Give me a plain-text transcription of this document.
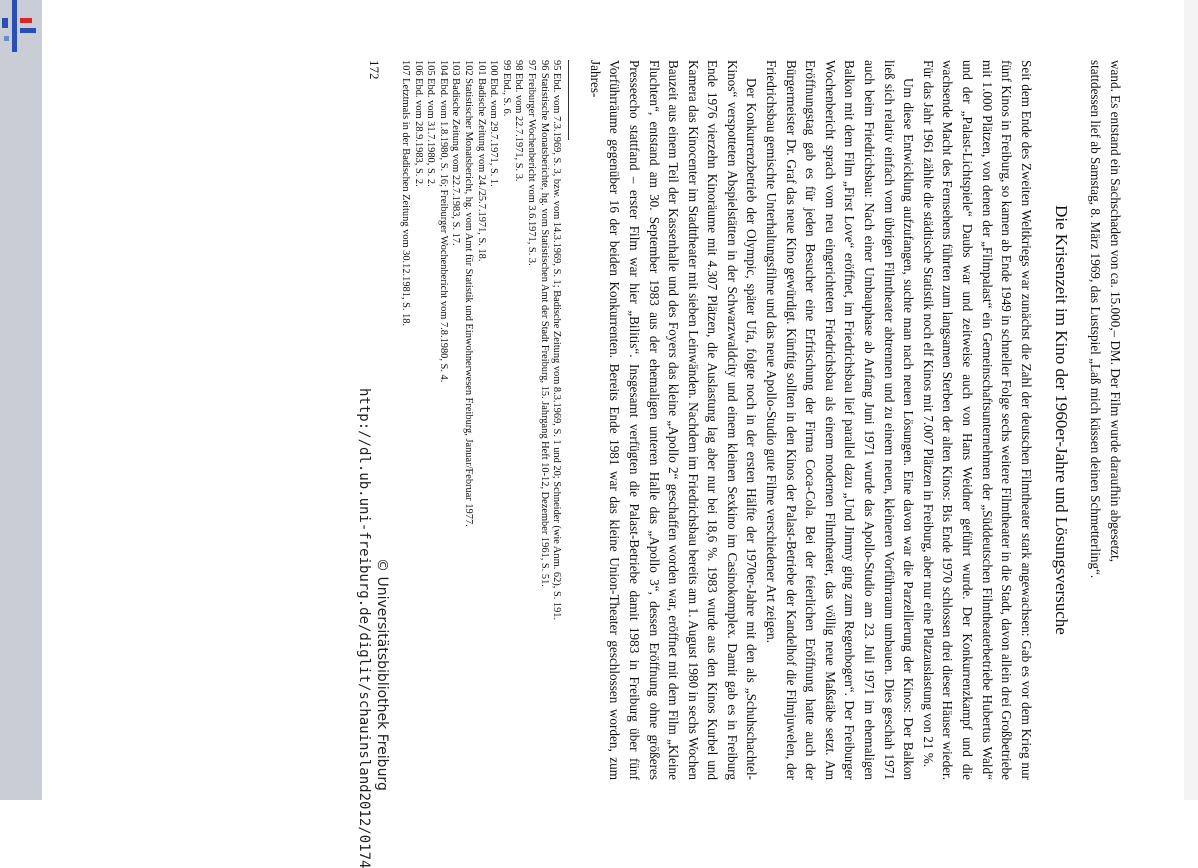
wand. Es entstand ein Sachschaden von ca. 15.000,– DM. Der Film wurde daraufhin abgesetzt,

stattdessen lief ab Samstag, 8. März 1969, das Lustspiel „Laß mich küssen deinen Schmetterling“.

Die Krisenzeit im Kino der 1960er-Jahre und Lösungsversuche

Seit dem Ende des Zweiten Weltkriegs war zunächst die Zahl der deutschen Filmtheater stark angewachsen: Gab es vor dem Krieg nur fünf Kinos in Freiburg, so kamen ab Ende 1949 in schneller Folge sechs weitere Filmtheater in die Stadt, davon allein drei Großbetriebe mit 1.000 Plätzen, von denen der „Filmpalast“ ein Gemeinschaftsunternehmen der „Süddeutschen Filmtheaterbetriebe Hubertus Wald“ und der „Palast-Lichtspiele“ Daubs war und zeitweise auch von Hans Weidner geführt wurde. Der Konkurrenzkampf und die wachsende Macht des Fernsehens führten zum langsamen Sterben der alten Kinos: Bis Ende 1970 schlossen drei dieser Häuser wieder. Für das Jahr 1961 zählte die städtische Statistik noch elf Kinos mit 7.007 Plätzen in Freiburg, aber nur eine Platzauslastung von 21 %.

Um diese Entwicklung aufzufangen, suchte man nach neuen Lösungen. Eine davon war die Parzellierung der Kinos: Der Balkon ließ sich relativ einfach vom übrigen Filmtheater abtrennen und zu einem neuen, kleineren Vorführraum umbauen. Dies geschah 1971 auch beim Friedrichsbau: Nach einer Umbauphase ab Anfang Juni 1971 wurde das Apollo-Studio am 23. Juli 1971 im ehemaligen Balkon mit dem Film „First Love“ eröffnet, im Friedrichsbau lief parallel dazu „Und Jimmy ging zum Regenbogen“. Der Freiburger Wochenbericht sprach vom neu eingerichteten Friedrichsbau als einem modernen Filmtheater, das völlig neue Maßstäbe setzt. Am Eröffnungstag gab es für jeden Besucher eine Erfrischung der Firma Coca-Cola. Bei der feierlichen Eröffnung hatte auch der Bürgermeister Dr. Graf das neue Kino gewürdigt. Künftig sollten in den Kinos der Palast-Betriebe der Kandelhof die Filmjuwelen, der Friedrichsbau gemischte Unterhaltungsfilme und das neue Apollo-Studio gute Filme verschiedener Art zeigen.

Der Konkurrenzbetrieb der Olympic, später Ufa, folgte noch in der ersten Hälfte der 1970er-Jahre mit den als „Schuhschachtel-Kinos“ verspotteten Abspielstätten in der Schwarzwaldcity und einem kleinen Sexkino im Casinokomplex. Damit gab es in Freiburg Ende 1976 vierzehn Kinoräume mit 4.307 Plätzen, die Auslastung lag aber nur bei 18,6 %. 1983 wurde aus den Kinos Kurbel und Kamera das Kinocenter im Stadttheater mit sieben Leinwänden. Nachdem im Friedrichsbau bereits am 1. August 1980 in sechs Wochen Bauzeit aus einem Teil der Kassenhalle und des Foyers das kleine „Apollo 2“ geschaffen worden war, eröffnet mit dem Film „Kleine Fluchten“, entstand am 30. September 1983 aus der ehemaligen unteren Halle das „Apollo 3“, dessen Eröffnung ohne größeres Presseecho stattfand – erster Film war hier „Bilitis“. Insgesamt verfügten die Palast-Betriebe damit 1983 in Freiburg über fünf Vorführräume gegenüber 16 der beiden Konkurrenten. Bereits Ende 1981 war das kleine Union-Theater geschlossen worden, zum Jahres-

95 Ebd. vom 7.3.1969, S. 3, bzw. vom 14.3.1969, S. 1; Badische Zeitung vom 8.3.1969, S. 1 und 20; Schneider (wie Anm. 62), S. 191.
96 Statistische Monatsberichte, hg. vom Statistischen Amt der Stadt Freiburg, 15. Jahrgang Heft 10-12, Dezember 1961, S. 51.
97 Freiburger Wochenbericht vom 3.6.1971, S. 3.
98 Ebd. vom 22.7.1971, S. 3.
99 Ebd., S. 6.
100 Ebd. vom 29.7.1971, S. 1.
101 Badische Zeitung vom 24./25.7.1971, S. 18.
102 Statistischer Monatsbericht, hg. vom Amt für Statistik und Einwohnerwesen Freiburg, Januar/Februar 1977.
103 Badische Zeitung vom 22.7.1983, S. 17.
104 Ebd. vom 1.8.1980, S. 16; Freiburger Wochenbericht vom 7.8.1980, S. 4.
105 Ebd. vom 31.7.1980, S. 2.
106 Ebd. vom 28.9.1983, S. 2.
107 Letztmals in der Badischen Zeitung vom 30.12.1981, S. 18.
172
http://dl.ub.uni-freiburg.de/diglit/schauinsland2012/0174 © Universitätsbibliothek Freiburg
